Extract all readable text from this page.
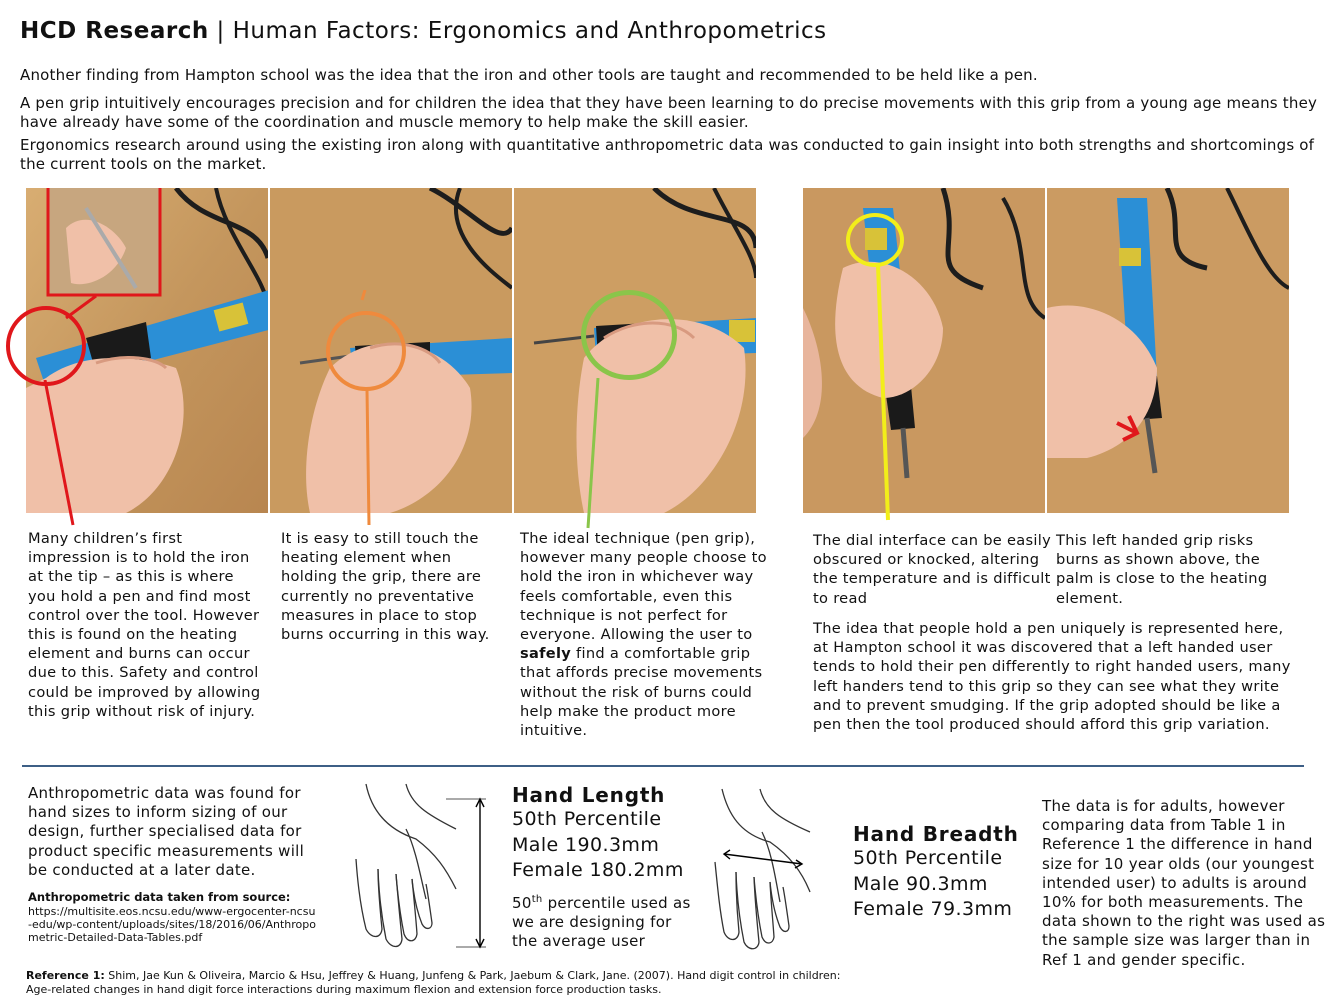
HCD Research | Human Factors: Ergonomics and Anthropometrics
Another finding from Hampton school was the idea that the iron and other tools are taught and recommended to be held like a pen.
A pen grip intuitively encourages precision and for children the idea that they have been learning to do precise movements with this grip from a young age means they have already have some of the coordination and muscle memory to help make the skill easier.
Ergonomics research around using the existing iron along with quantitative anthropometric data was conducted to gain insight into both strengths and shortcomings of the current tools on the market.
Many children’s first impression is to hold the iron at the tip – as this is where you hold a pen and find most control over the tool. However this is found on the heating element and burns can occur due to this. Safety and control could be improved by allowing this grip without risk of injury.
It is easy to still touch the heating element when holding the grip, there are currently no preventative measures in place to stop burns occurring in this way.
The ideal technique (pen grip), however many people choose to hold the iron in whichever way feels comfortable, even this technique is not perfect for everyone. Allowing the user to safely find a comfortable grip that affords precise movements without the risk of burns could help make the product more intuitive.
The dial interface can be easily obscured or knocked, altering the temperature and is difficult to read
This left handed grip risks burns as shown above, the palm is close to the heating element.
The idea that people hold a pen uniquely is represented here, at Hampton school it was discovered that a left handed user tends to hold their pen differently to right handed users, many left handers tend to this grip so they can see what they write and to prevent smudging. If the grip adopted should be like a pen then the tool produced should afford this grip variation.
Anthropometric data was found for hand sizes to inform sizing of our design, further specialised data for product specific measurements will be conducted at a later date.
Anthropometric data taken from source:
https://multisite.eos.ncsu.edu/www-ergocenter-ncsu-edu/wp-content/uploads/sites/18/2016/06/Anthropometric-Detailed-Data-Tables.pdf
Hand Length
50th Percentile
Male 190.3mm
Female 180.2mm
50th percentile used as we are designing for the average user
Hand Breadth
50th Percentile
Male 90.3mm
Female 79.3mm
The data is for adults, however comparing data from Table 1 in Reference 1 the difference in hand size for 10 year olds (our youngest intended user) to adults is around 10% for both measurements. The data shown to the right was used as the sample size was larger than in Ref 1 and gender specific.
Reference 1: Shim, Jae Kun & Oliveira, Marcio & Hsu, Jeffrey & Huang, Junfeng & Park, Jaebum & Clark, Jane. (2007). Hand digit control in children: Age-related changes in hand digit force interactions during maximum flexion and extension force production tasks.
